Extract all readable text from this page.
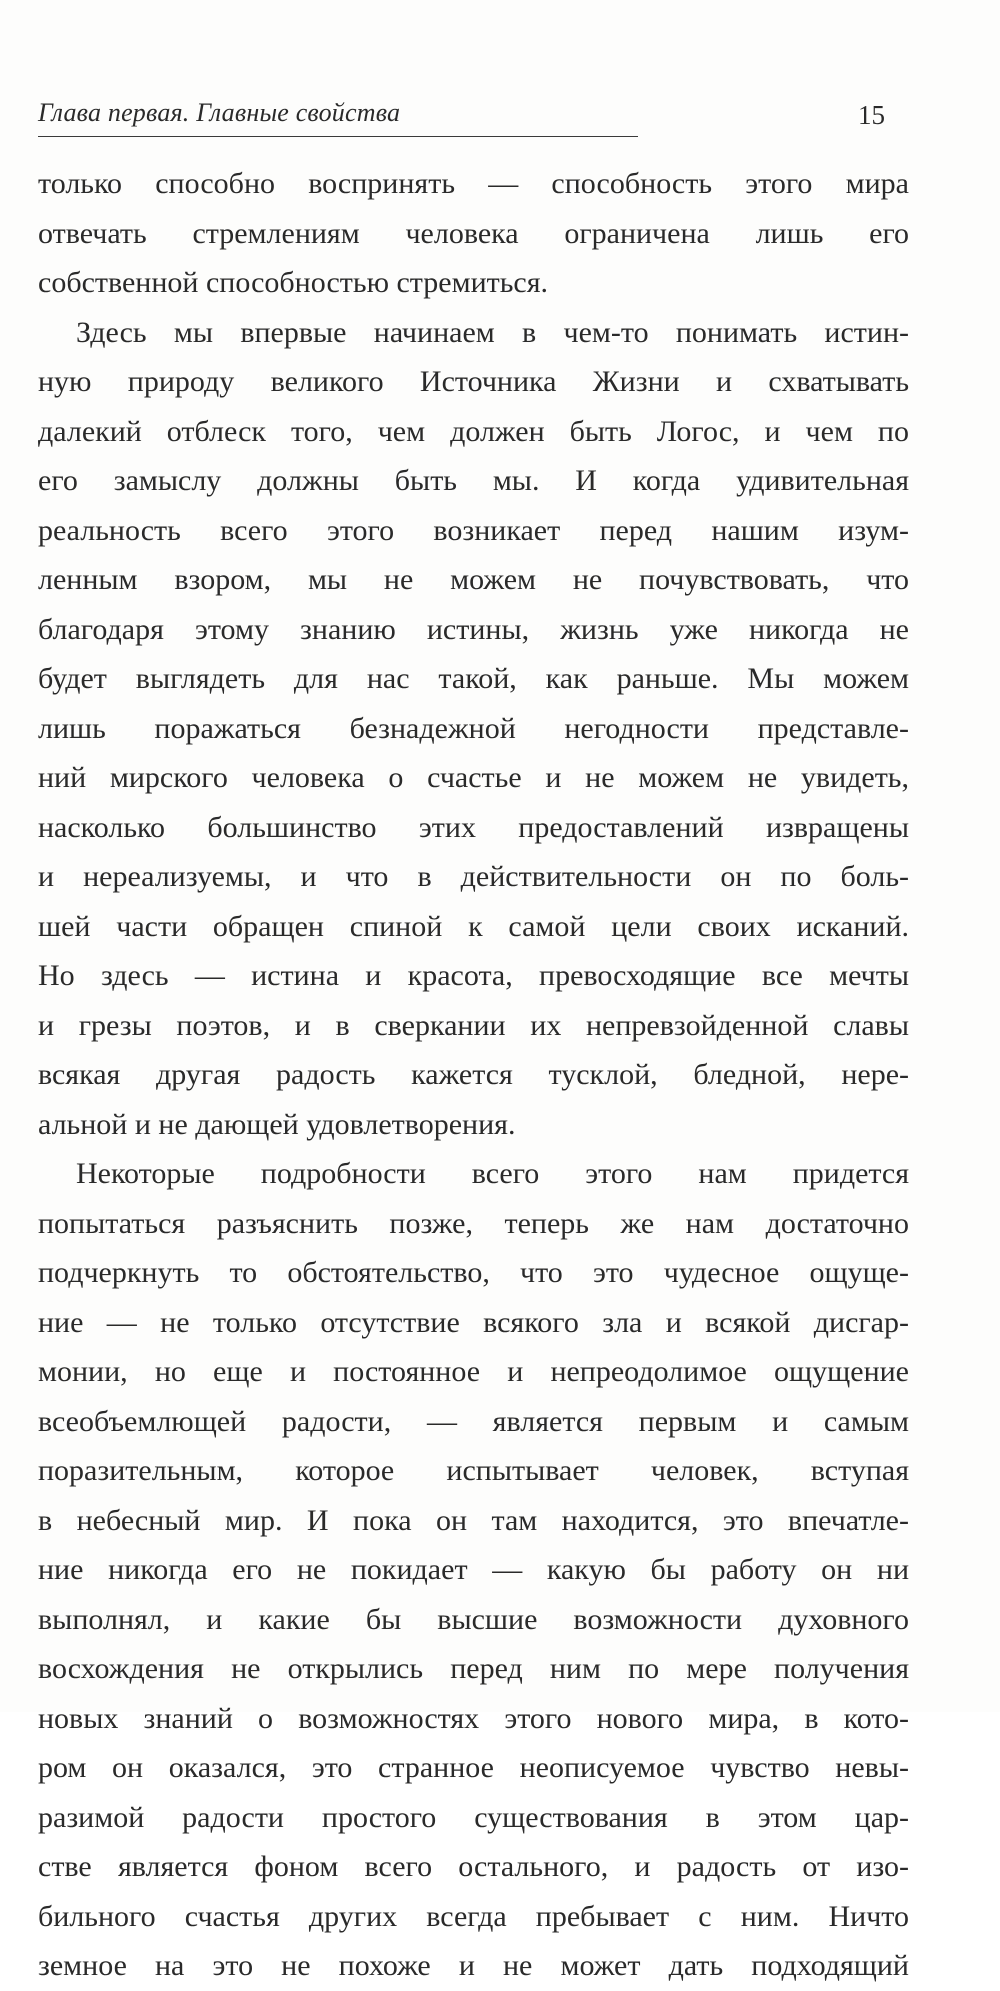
Глава первая. Главные свойства	15
только способно воспринять — способность этого мира
отвечать стремлениям человека ограничена лишь его
собственной способностью стремиться.
Здесь мы впервые начинаем в чем-то понимать истин-
ную природу великого Источника Жизни и схватывать
далекий отблеск того, чем должен быть Логос, и чем по
его замыслу должны быть мы. И когда удивительная
реальность всего этого возникает перед нашим изум-
ленным взором, мы не можем не почувствовать, что
благодаря этому знанию истины, жизнь уже никогда не
будет выглядеть для нас такой, как раньше. Мы можем
лишь поражаться безнадежной негодности представле-
ний мирского человека о счастье и не можем не увидеть,
насколько большинство этих предоставлений извращены
и нереализуемы, и что в действительности он по боль-
шей части обращен спиной к самой цели своих исканий.
Но здесь — истина и красота, превосходящие все мечты
и грезы поэтов, и в сверкании их непревзойденной славы
всякая другая радость кажется тусклой, бледной, нере-
альной и не дающей удовлетворения.
Некоторые подробности всего этого нам придется
попытаться разъяснить позже, теперь же нам достаточно
подчеркнуть то обстоятельство, что это чудесное ощуще-
ние — не только отсутствие всякого зла и всякой дисгар-
монии, но еще и постоянное и непреодолимое ощущение
всеобъемлющей радости, — является первым и самым
поразительным, которое испытывает человек, вступая
в небесный мир. И пока он там находится, это впечатле-
ние никогда его не покидает — какую бы работу он ни
выполнял, и какие бы высшие возможности духовного
восхождения не открылись перед ним по мере получения
новых знаний о возможностях этого нового мира, в кото-
ром он оказался, это странное неописуемое чувство невы-
разимой радости простого существования в этом цар-
стве является фоном всего остального, и радость от изо-
бильного счастья других всегда пребывает с ним. Ничто
земное на это не похоже и не может дать подходящий
